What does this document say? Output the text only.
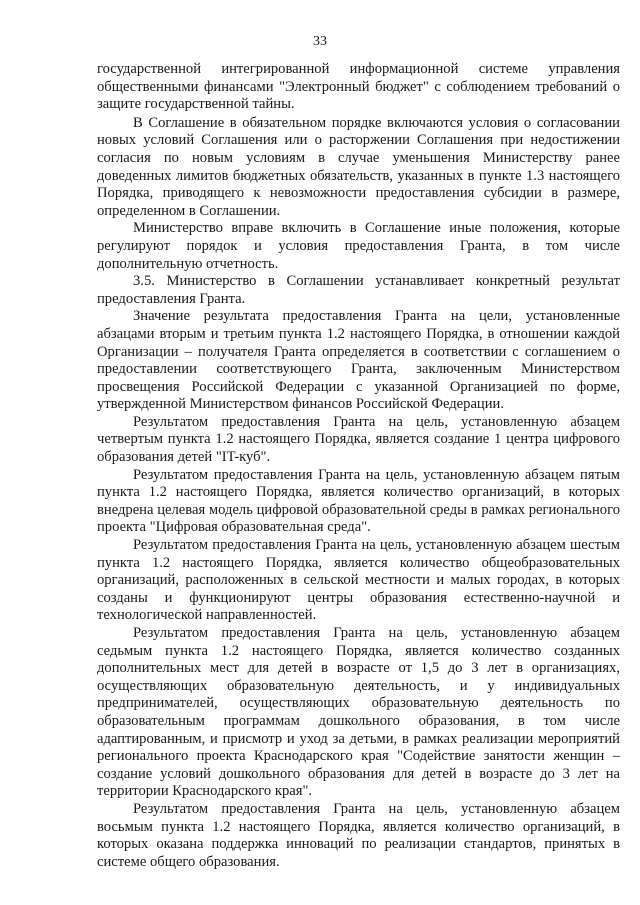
33

государственной интегрированной информационной системе управления общественными финансами "Электронный бюджет" с соблюдением требований о защите государственной тайны.

В Соглашение в обязательном порядке включаются условия о согласовании новых условий Соглашения или о расторжении Соглашения при недостижении согласия по новым условиям в случае уменьшения Министерству ранее доведенных лимитов бюджетных обязательств, указанных в пункте 1.3 настоящего Порядка, приводящего к невозможности предоставления субсидии в размере, определенном в Соглашении.

Министерство вправе включить в Соглашение иные положения, которые регулируют порядок и условия предоставления Гранта, в том числе дополнительную отчетность.

3.5. Министерство в Соглашении устанавливает конкретный результат предоставления Гранта.

Значение результата предоставления Гранта на цели, установленные абзацами вторым и третьим пункта 1.2 настоящего Порядка, в отношении каждой Организации – получателя Гранта определяется в соответствии с соглашением о предоставлении соответствующего Гранта, заключенным Министерством просвещения Российской Федерации с указанной Организацией по форме, утвержденной Министерством финансов Российской Федерации.

Результатом предоставления Гранта на цель, установленную абзацем четвертым пункта 1.2 настоящего Порядка, является создание 1 центра цифрового образования детей "IT-куб".

Результатом предоставления Гранта на цель, установленную абзацем пятым пункта 1.2 настоящего Порядка, является количество организаций, в которых внедрена целевая модель цифровой образовательной среды в рамках регионального проекта "Цифровая образовательная среда".

Результатом предоставления Гранта на цель, установленную абзацем шестым пункта 1.2 настоящего Порядка, является количество общеобразовательных организаций, расположенных в сельской местности и малых городах, в которых созданы и функционируют центры образования естественно-научной и технологической направленностей.

Результатом предоставления Гранта на цель, установленную абзацем седьмым пункта 1.2 настоящего Порядка, является количество созданных дополнительных мест для детей в возрасте от 1,5 до 3 лет в организациях, осуществляющих образовательную деятельность, и у индивидуальных предпринимателей, осуществляющих образовательную деятельность по образовательным программам дошкольного образования, в том числе адаптированным, и присмотр и уход за детьми, в рамках реализации мероприятий регионального проекта Краснодарского края "Содействие занятости женщин – создание условий дошкольного образования для детей в возрасте до 3 лет на территории Краснодарского края".

Результатом предоставления Гранта на цель, установленную абзацем восьмым пункта 1.2 настоящего Порядка, является количество организаций, в которых оказана поддержка инноваций по реализации стандартов, принятых в системе общего образования.
